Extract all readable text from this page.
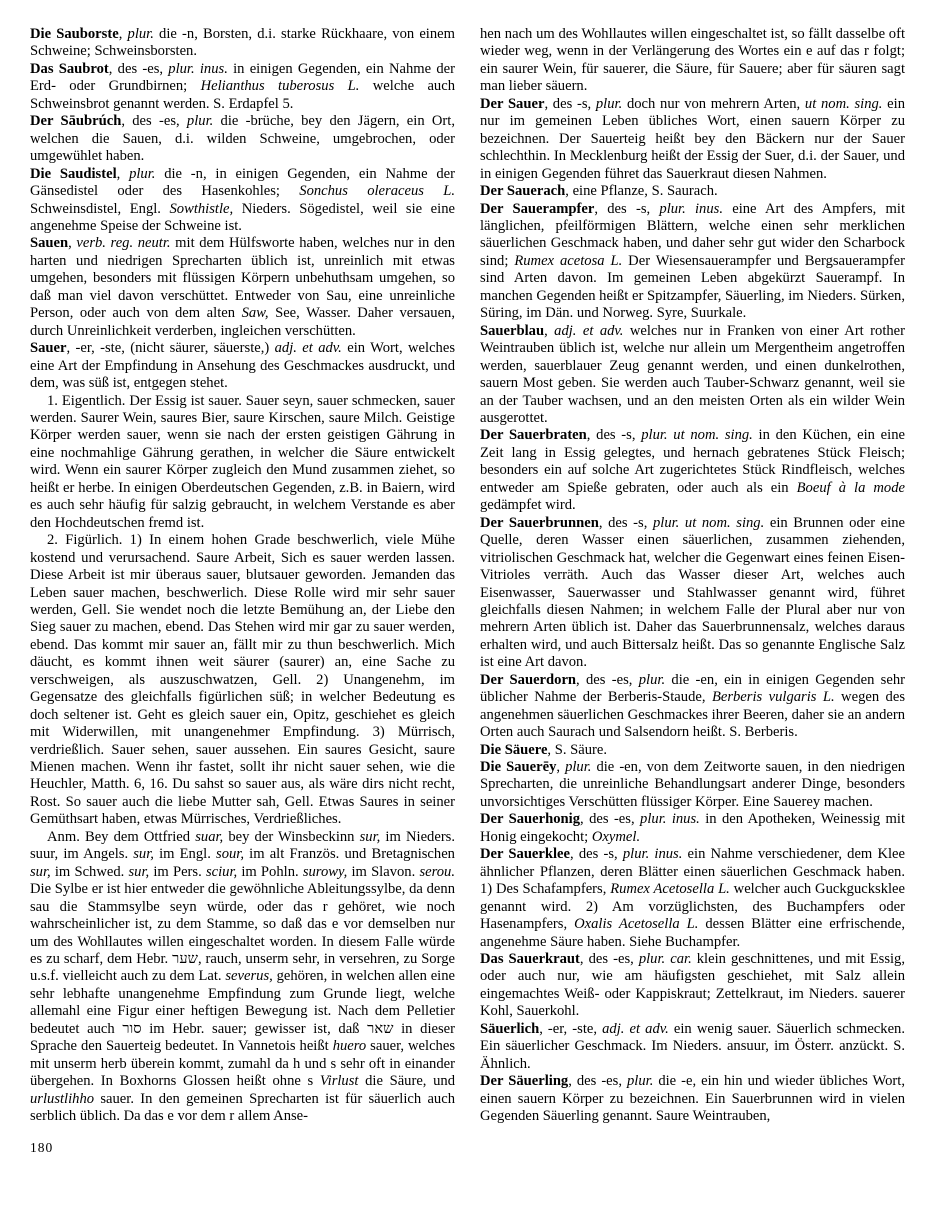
Die Sauborste, plur. die -n, Borsten, d.i. starke Rückhaare, von einem Schweine; Schweinsborsten.

Das Saubrot, des -es, plur. inus. in einigen Gegenden, ein Nahme der Erd- oder Grundbirnen; Helianthus tuberosus L. welche auch Schweinsbrot genannt werden. S. Erdapfel 5.

Der Sāubrúch, des -es, plur. die -brüche, bey den Jägern, ein Ort, welchen die Sauen, d.i. wilden Schweine, umgebrochen, oder umgewühlet haben.

Die Saudistel, plur. die -n, in einigen Gegenden, ein Nahme der Gänsedistel oder des Hasenkohles; Sonchus oleraceus L. Schweinsdistel, Engl. Sowthistle, Nieders. Sögedistel, weil sie eine angenehme Speise der Schweine ist.

Sauen, verb. reg. neutr. mit dem Hülfsworte haben, welches nur in den harten und niedrigen Sprecharten üblich ist, unreinlich mit etwas umgehen, besonders mit flüssigen Körpern unbehuthsam umgehen, so daß man viel davon verschüttet. Entweder von Sau, eine unreinliche Person, oder auch von dem alten Saw, See, Wasser. Daher versauen, durch Unreinlichkeit verderben, ingleichen verschütten.

Sauer, -er, -ste, (nicht säurer, säuerste,) adj. et adv. ein Wort, welches eine Art der Empfindung in Ansehung des Geschmackes ausdruckt, und dem, was süß ist, entgegen stehet.

1. Eigentlich. Der Essig ist sauer. Sauer seyn, sauer schmecken, sauer werden. Saurer Wein, saures Bier, saure Kirschen, saure Milch. Geistige Körper werden sauer, wenn sie nach der ersten geistigen Gährung in eine nochmahlige Gährung gerathen, in welcher die Säure entwickelt wird. Wenn ein saurer Körper zugleich den Mund zusammen ziehet, so heißt er herbe. In einigen Oberdeutschen Gegenden, z.B. in Baiern, wird es auch sehr häufig für salzig gebraucht, in welchem Verstande es aber den Hochdeutschen fremd ist.

2. Figürlich. 1) In einem hohen Grade beschwerlich, viele Mühe kostend und verursachend. Saure Arbeit, Sich es sauer werden lassen. Diese Arbeit ist mir überaus sauer, blutsauer geworden. Jemanden das Leben sauer machen, beschwerlich. Diese Rolle wird mir sehr sauer werden, Gell. Sie wendet noch die letzte Bemühung an, der Liebe den Sieg sauer zu machen, ebend. Das Stehen wird mir gar zu sauer werden, ebend. Das kommt mir sauer an, fällt mir zu thun beschwerlich. Mich däucht, es kommt ihnen weit säurer (saurer) an, eine Sache zu verschweigen, als auszuschwatzen, Gell. 2) Unangenehm, im Gegensatze des gleichfalls figürlichen süß; in welcher Bedeutung es doch seltener ist. Geht es gleich sauer ein, Opitz, geschiehet es gleich mit Widerwillen, mit unangenehmer Empfindung. 3) Mürrisch, verdrießlich. Sauer sehen, sauer aussehen. Ein saures Gesicht, saure Mienen machen. Wenn ihr fastet, sollt ihr nicht sauer sehen, wie die Heuchler, Matth. 6, 16. Du sahst so sauer aus, als wäre dirs nicht recht, Rost. So sauer auch die liebe Mutter sah, Gell. Etwas Saures in seiner Gemüthsart haben, etwas Mürrisches, Verdrießliches.

Anm. Bey dem Ottfried suar, bey der Winsbeckinn sur, im Nieders. suur, im Angels. sur, im Engl. sour, im alt Französ. und Bretagnischen sur, im Schwed. sur, im Pers. sciur, im Pohln. surowy, im Slavon. serou. Die Sylbe er ist hier entweder die gewöhnliche Ableitungssylbe, da denn sau die Stammsylbe seyn würde, oder das r gehöret, wie noch wahrscheinlicher ist, zu dem Stamme, so daß das e vor demselben nur um des Wohllautes willen eingeschaltet worden. In diesem Falle würde es zu scharf, dem Hebr. שער, rauch, unserm sehr, in versehren, zu Sorge u.s.f. vielleicht auch zu dem Lat. severus, gehören, in welchen allen eine sehr lebhafte unangenehme Empfindung zum Grunde liegt, welche allemahl eine Figur einer heftigen Bewegung ist. Nach dem Pelletier bedeutet auch סור im Hebr. sauer; gewisser ist, daß שאר in dieser Sprache den Sauerteig bedeutet. In Vannetois heißt huero sauer, welches mit unserm herb überein kommt, zumahl da h und s sehr oft in einander übergehen. In Boxhorns Glossen heißt ohne s Virlust die Säure, und urlustlihho sauer. In den gemeinen Sprecharten ist für säuerlich auch serblich üblich. Da das e vor dem r allem Anse-

hen nach um des Wohllautes willen eingeschaltet ist, so fällt dasselbe oft wieder weg, wenn in der Verlängerung des Wortes ein e auf das r folgt; ein saurer Wein, für sauerer, die Säure, für Sauere; aber für säuren sagt man lieber säuern.

Der Sauer, des -s, plur. doch nur von mehrern Arten, ut nom. sing. ein nur im gemeinen Leben übliches Wort, einen sauern Körper zu bezeichnen. Der Sauerteig heißt bey den Bäckern nur der Sauer schlechthin. In Mecklenburg heißt der Essig der Suer, d.i. der Sauer, und in einigen Gegenden führet das Sauerkraut diesen Nahmen.

Der Sauerach, eine Pflanze, S. Saurach.

Der Sauerampfer, des -s, plur. inus. eine Art des Ampfers, mit länglichen, pfeilförmigen Blättern, welche einen sehr merklichen säuerlichen Geschmack haben, und daher sehr gut wider den Scharbock sind; Rumex acetosa L. Der Wiesensauerampfer und Bergsauerampfer sind Arten davon. Im gemeinen Leben abgekürzt Sauerampf. In manchen Gegenden heißt er Spitzampfer, Säuerling, im Nieders. Sürken, Süring, im Dän. und Norweg. Syre, Suurkale.

Sauerblau, adj. et adv. welches nur in Franken von einer Art rother Weintrauben üblich ist, welche nur allein um Mergentheim angetroffen werden, sauerblauer Zeug genannt werden, und einen dunkelrothen, sauern Most geben. Sie werden auch Tauber-Schwarz genannt, weil sie an der Tauber wachsen, und an den meisten Orten als ein wilder Wein ausgerottet.

Der Sauerbraten, des -s, plur. ut nom. sing. in den Küchen, ein eine Zeit lang in Essig gelegtes, und hernach gebratenes Stück Fleisch; besonders ein auf solche Art zugerichtetes Stück Rindfleisch, welches entweder am Spieße gebraten, oder auch als ein Boeuf à la mode gedämpfet wird.

Der Sauerbrunnen, des -s, plur. ut nom. sing. ein Brunnen oder eine Quelle, deren Wasser einen säuerlichen, zusammen ziehenden, vitriolischen Geschmack hat, welcher die Gegenwart eines feinen Eisen-Vitrioles verräth. Auch das Wasser dieser Art, welches auch Eisenwasser, Sauerwasser und Stahlwasser genannt wird, führet gleichfalls diesen Nahmen; in welchem Falle der Plural aber nur von mehrern Arten üblich ist. Daher das Sauerbrunnensalz, welches daraus erhalten wird, und auch Bittersalz heißt. Das so genannte Englische Salz ist eine Art davon.

Der Sauerdorn, des -es, plur. die -en, ein in einigen Gegenden sehr üblicher Nahme der Berberis-Staude, Berberis vulgaris L. wegen des angenehmen säuerlichen Geschmackes ihrer Beeren, daher sie an andern Orten auch Saurach und Salsendorn heißt. S. Berberis.

Die Säuere, S. Säure.

Die Sauerēy, plur. die -en, von dem Zeitworte sauen, in den niedrigen Sprecharten, die unreinliche Behandlungsart anderer Dinge, besonders unvorsichtiges Verschütten flüssiger Körper. Eine Sauerey machen.

Der Sauerhonig, des -es, plur. inus. in den Apotheken, Weinessig mit Honig eingekocht; Oxymel.

Der Sauerklee, des -s, plur. inus. ein Nahme verschiedener, dem Klee ähnlicher Pflanzen, deren Blätter einen säuerlichen Geschmack haben. 1) Des Schafampfers, Rumex Acetosella L. welcher auch Guckgucksklee genannt wird. 2) Am vorzüglichsten, des Buchampfers oder Hasenampfers, Oxalis Acetosella L. dessen Blätter eine erfrischende, angenehme Säure haben. Siehe Buchampfer.

Das Sauerkraut, des -es, plur. car. klein geschnittenes, und mit Essig, oder auch nur, wie am häufigsten geschiehet, mit Salz allein eingemachtes Weiß- oder Kappiskraut; Zettelkraut, im Nieders. sauerer Kohl, Sauerkohl.

Säuerlich, -er, -ste, adj. et adv. ein wenig sauer. Säuerlich schmecken. Ein säuerlicher Geschmack. Im Nieders. ansuur, im Österr. anzückt. S. Ähnlich.

Der Säuerling, des -es, plur. die -e, ein hin und wieder übliches Wort, einen sauern Körper zu bezeichnen. Ein Sauerbrunnen wird in vielen Gegenden Säuerling genannt. Saure Weintrauben,

180
